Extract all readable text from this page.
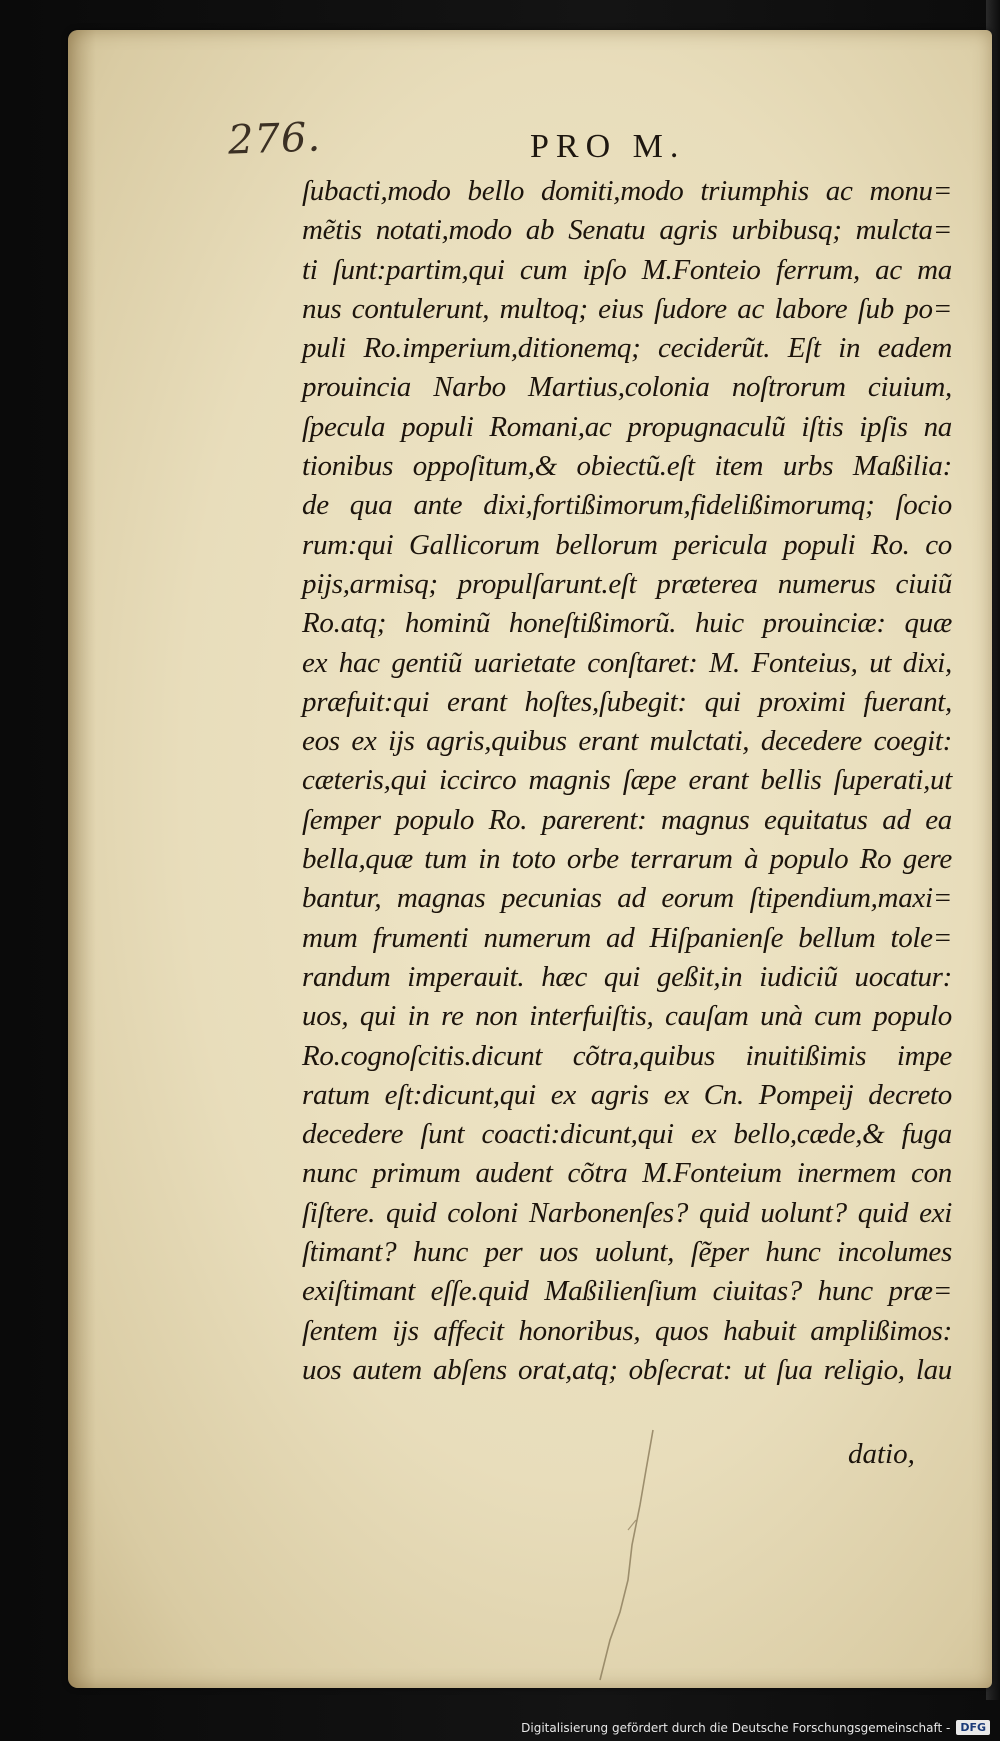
276.	PRO M.
ſubacti,modo bello domiti,modo triumphis ac monu=
mẽtis notati,modo ab Senatu agris urbibusq; mulcta=
ti ſunt:partim,qui cum ipſo M.Fonteio ferrum, ac ma
nus contulerunt, multoq; eius ſudore ac labore ſub po=
puli Ro.imperium,ditionemq; ceciderũt. Eſt in eadem
prouincia Narbo Martius,colonia noſtrorum ciuium,
ſpecula populi Romani,ac propugnaculũ iſtis ipſis na
tionibus oppoſitum,& obiectũ.eſt item urbs Maßilia:
de qua ante dixi,fortißimorum,fidelißimorumq; ſocio
rum:qui Gallicorum bellorum pericula populi Ro. co
pijs,armisq; propulſarunt.eſt præterea numerus ciuiũ
Ro.atq; hominũ honeſtißimorũ. huic prouinciæ: quæ
ex hac gentiũ uarietate conſtaret: M. Fonteius, ut dixi,
præfuit:qui erant hoſtes,ſubegit: qui proximi fuerant,
eos ex ijs agris,quibus erant mulctati, decedere coegit:
cæteris,qui iccirco magnis ſæpe erant bellis ſuperati,ut
ſemper populo Ro. parerent: magnus equitatus ad ea
bella,quæ tum in toto orbe terrarum à populo Ro gere
bantur, magnas pecunias ad eorum ſtipendium,maxi=
mum frumenti numerum ad Hiſpanienſe bellum tole=
randum imperauit. hæc qui geßit,in iudiciũ uocatur:
uos, qui in re non interfuiſtis, cauſam unà cum populo
Ro.cognoſcitis.dicunt cõtra,quibus inuitißimis impe
ratum eſt:dicunt,qui ex agris ex Cn. Pompeij decreto
decedere ſunt coacti:dicunt,qui ex bello,cæde,& fuga
nunc primum audent cõtra M.Fonteium inermem con
ſiſtere. quid coloni Narbonenſes? quid uolunt? quid exi
ſtimant? hunc per uos uolunt, ſẽper hunc incolumes
exiſtimant eſſe.quid Maßilienſium ciuitas? hunc præ=
ſentem ijs affecit honoribus, quos habuit amplißimos:
uos autem abſens orat,atq; obſecrat: ut ſua religio, lau
datio,
Digitalisierung gefördert durch die Deutsche Forschungsgemeinschaft - DFG
